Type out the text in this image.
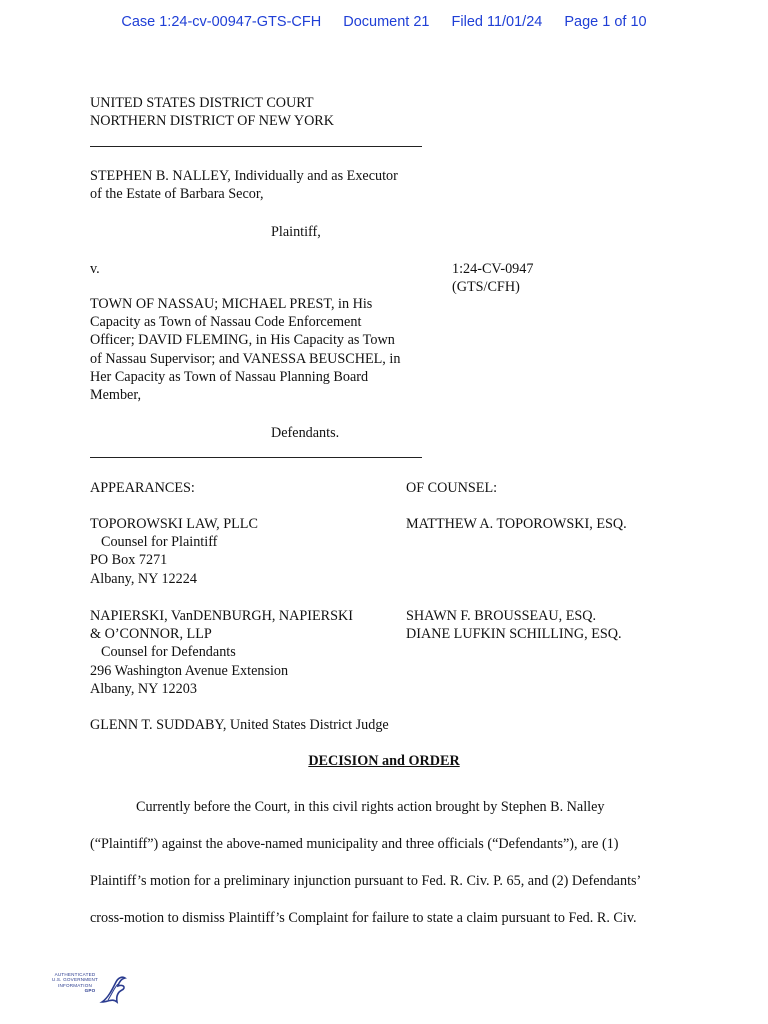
Case 1:24-cv-00947-GTS-CFH Document 21 Filed 11/01/24 Page 1 of 10
UNITED STATES DISTRICT COURT
NORTHERN DISTRICT OF NEW YORK
STEPHEN B. NALLEY, Individually and as Executor
of the Estate of Barbara Secor,
Plaintiff,
v.	1:24-CV-0947
(GTS/CFH)
TOWN OF NASSAU; MICHAEL PREST, in His
Capacity as Town of Nassau Code Enforcement
Officer; DAVID FLEMING, in His Capacity as Town
of Nassau Supervisor; and VANESSA BEUSCHEL, in
Her Capacity as Town of Nassau Planning Board
Member,
Defendants.
APPEARANCES:	OF COUNSEL:
TOPOROWSKI LAW, PLLC
Counsel for Plaintiff
PO Box 7271
Albany, NY 12224
MATTHEW A. TOPOROWSKI, ESQ.
NAPIERSKI, VanDENBURGH, NAPIERSKI
& O’CONNOR, LLP
Counsel for Defendants
296 Washington Avenue Extension
Albany, NY 12203
SHAWN F. BROUSSEAU, ESQ.
DIANE LUFKIN SCHILLING, ESQ.
GLENN T. SUDDABY, United States District Judge
DECISION and ORDER
Currently before the Court, in this civil rights action brought by Stephen B. Nalley
(“Plaintiff”) against the above-named municipality and three officials (“Defendants”), are (1)
Plaintiff’s motion for a preliminary injunction pursuant to Fed. R. Civ. P. 65, and (2) Defendants’
cross-motion to dismiss Plaintiff’s Complaint for failure to state a claim pursuant to Fed. R. Civ.
AUTHENTICATED
U.S. GOVERNMENT
INFORMATION
GPO
